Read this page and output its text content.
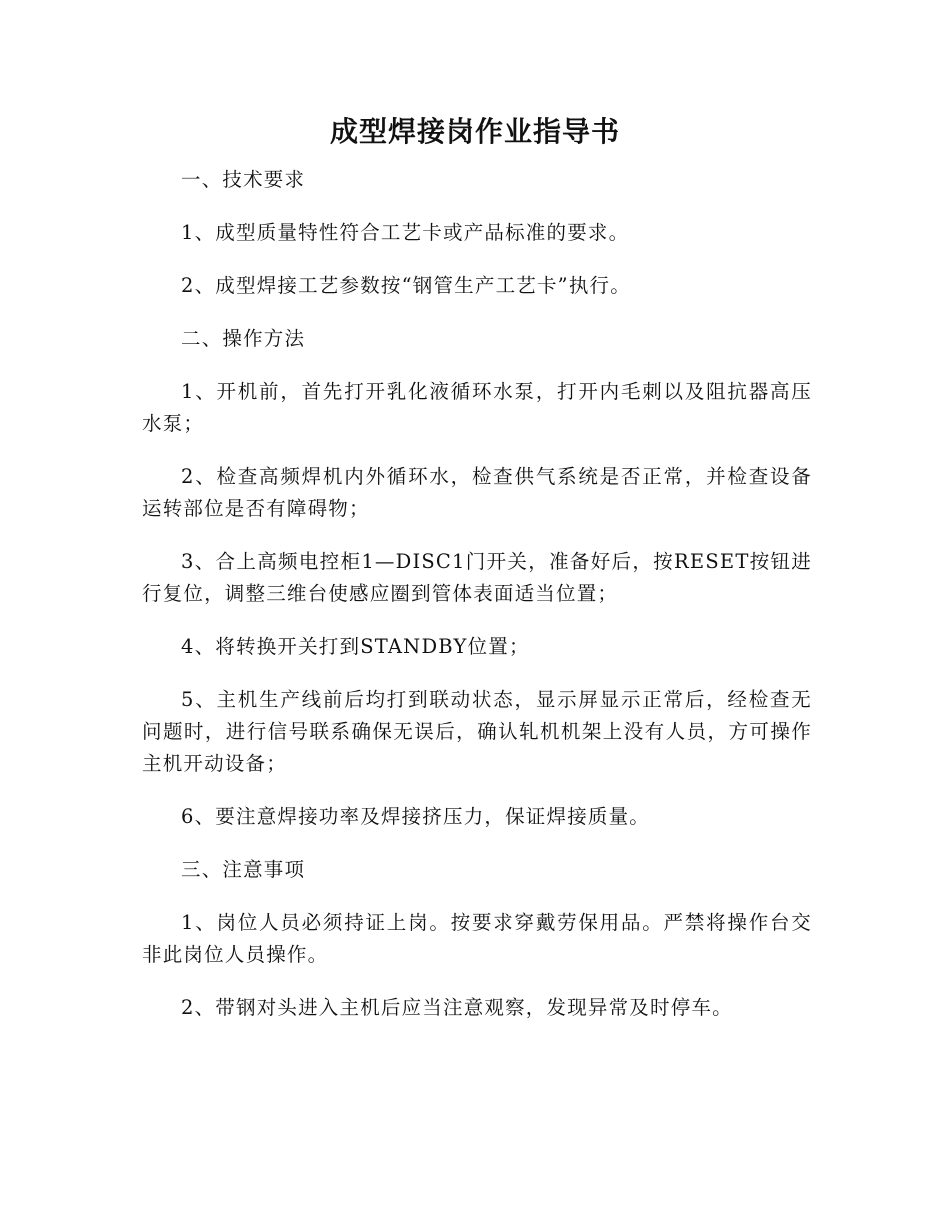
成型焊接岗作业指导书

一、技术要求

1、成型质量特性符合工艺卡或产品标准的要求。

2、成型焊接工艺参数按“钢管生产工艺卡”执行。

二、操作方法

1、开机前，首先打开乳化液循环水泵，打开内毛刺以及阻抗器高压水泵；

2、检查高频焊机内外循环水，检查供气系统是否正常，并检查设备运转部位是否有障碍物；

3、合上高频电控柜1—DISC1门开关，准备好后，按RESET按钮进行复位，调整三维台使感应圈到管体表面适当位置；

4、将转换开关打到STANDBY位置；

5、主机生产线前后均打到联动状态，显示屏显示正常后，经检查无问题时，进行信号联系确保无误后，确认轧机机架上没有人员，方可操作主机开动设备；

6、要注意焊接功率及焊接挤压力，保证焊接质量。

三、注意事项

1、岗位人员必须持证上岗。按要求穿戴劳保用品。严禁将操作台交非此岗位人员操作。

2、带钢对头进入主机后应当注意观察，发现异常及时停车。
